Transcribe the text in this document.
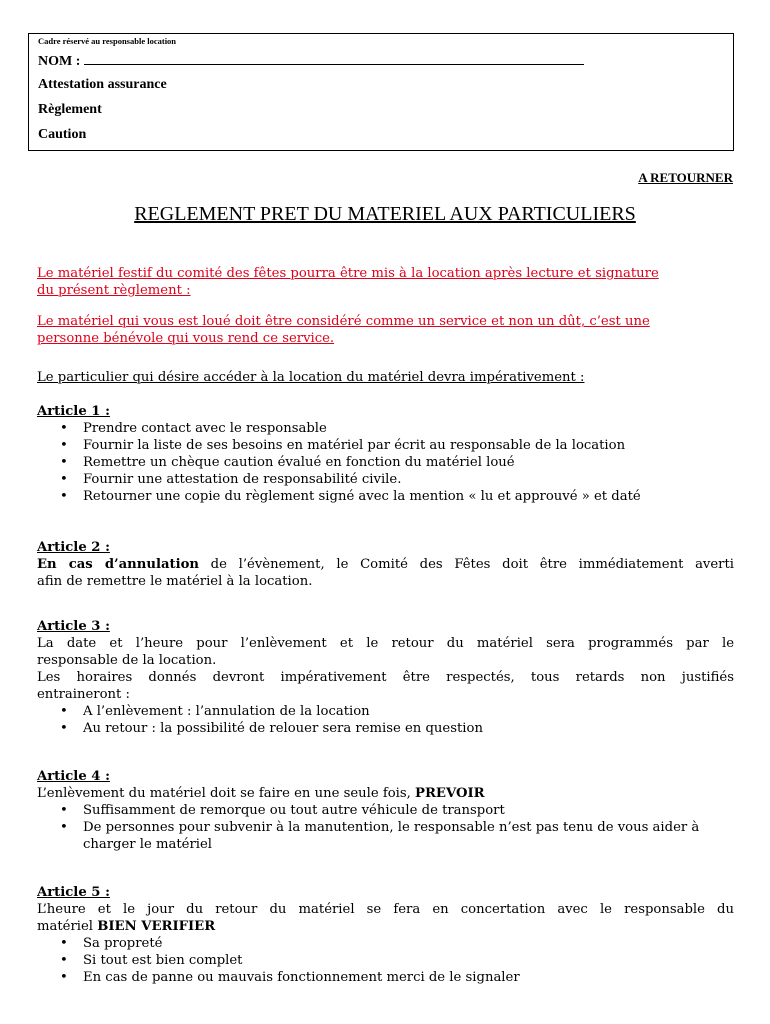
Cadre réservé au responsable location
NOM :
Attestation assurance
Règlement
Caution
A RETOURNER
REGLEMENT PRET DU MATERIEL AUX PARTICULIERS
Le matériel festif du comité des fêtes pourra être mis à la location après lecture et signature
du présent règlement :
Le matériel qui vous est loué doit être considéré comme un service et non un dût, c’est une
personne bénévole qui vous rend ce service.
Le particulier qui désire accéder à la location du matériel devra impérativement :
Article 1 :
• Prendre contact avec le responsable
• Fournir la liste de ses besoins en matériel par écrit au responsable de la location
• Remettre un chèque caution évalué en fonction du matériel loué
• Fournir une attestation de responsabilité civile.
• Retourner une copie du règlement signé avec la mention « lu et approuvé » et daté
Article 2 :
En cas d’annulation de l’évènement, le Comité des Fêtes doit être immédiatement averti
afin de remettre le matériel à la location.
Article 3 :
La date et l’heure pour l’enlèvement et le retour du matériel sera programmés par le
responsable de la location.
Les horaires donnés devront impérativement être respectés, tous retards non justifiés
entraineront :
• A l’enlèvement : l’annulation de la location
• Au retour : la possibilité de relouer sera remise en question
Article 4 :
L’enlèvement du matériel doit se faire en une seule fois, PREVOIR
• Suffisamment de remorque ou tout autre véhicule de transport
• De personnes pour subvenir à la manutention, le responsable n’est pas tenu de vous aider à charger le matériel
Article 5 :
L’heure et le jour du retour du matériel se fera en concertation avec le responsable du
matériel BIEN VERIFIER
• Sa propreté
• Si tout est bien complet
• En cas de panne ou mauvais fonctionnement merci de le signaler
